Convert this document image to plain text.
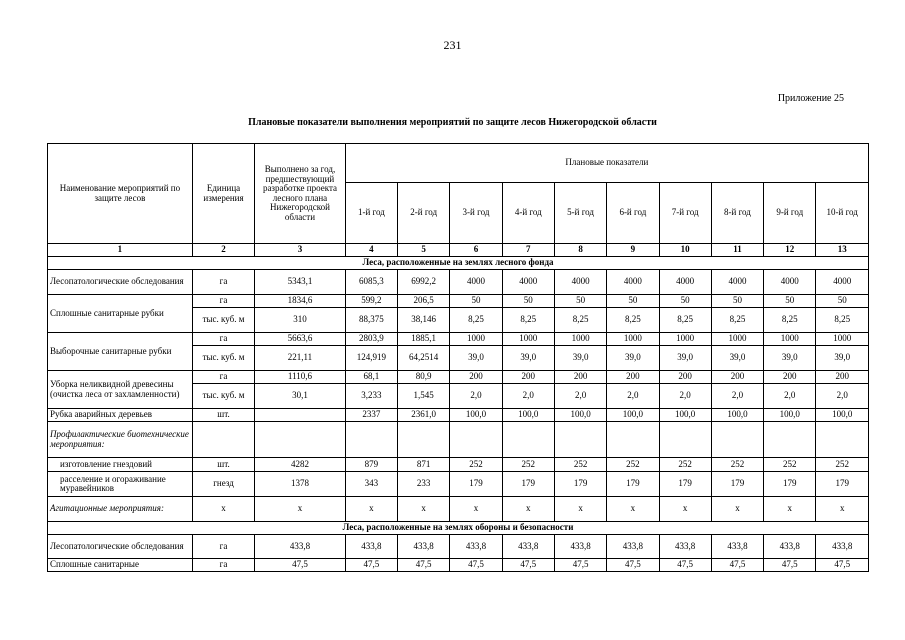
231
Приложение 25
Плановые показатели выполнения мероприятий по защите лесов Нижегородской области
Наименование мероприятий по защите лесов	Единица измерения	Выполнено за год, предшествующий разработке проекта лесного плана Нижегородской области	Плановые показатели									
			1-й год	2-й год	3-й год	4-й год	5-й год	6-й год	7-й год	8-й год	9-й год	10-й год
1	2	3	4	5	6	7	8	9	10	11	12	13
Леса, расположенные на землях лесного фонда												
Лесопатологические обследования	га	5343,1	6085,3	6992,2	4000	4000	4000	4000	4000	4000	4000	4000
Сплошные санитарные рубки	га	1834,6	599,2	206,5	50	50	50	50	50	50	50	50
	тыс. куб. м	310	88,375	38,146	8,25	8,25	8,25	8,25	8,25	8,25	8,25	8,25
Выборочные санитарные рубки	га	5663,6	2803,9	1885,1	1000	1000	1000	1000	1000	1000	1000	1000
	тыс. куб. м	221,11	124,919	64,2514	39,0	39,0	39,0	39,0	39,0	39,0	39,0	39,0
Уборка неликвидной древесины (очистка леса от захламленности)	га	1110,6	68,1	80,9	200	200	200	200	200	200	200	200
	тыс. куб. м	30,1	3,233	1,545	2,0	2,0	2,0	2,0	2,0	2,0	2,0	2,0
Рубка аварийных деревьев	шт.		2337	2361,0	100,0	100,0	100,0	100,0	100,0	100,0	100,0	100,0
Профилактические биотехнические мероприятия:												
изготовление гнездовий	шт.	4282	879	871	252	252	252	252	252	252	252	252
расселение и огораживание муравейников	гнезд	1378	343	233	179	179	179	179	179	179	179	179
Агитационные мероприятия:	x	x	x	x	x	x	x	x	x	x	x	x
Леса, расположенные на землях обороны и безопасности												
Лесопатологические обследования	га	433,8	433,8	433,8	433,8	433,8	433,8	433,8	433,8	433,8	433,8	433,8
Сплошные санитарные	га	47,5	47,5	47,5	47,5	47,5	47,5	47,5	47,5	47,5	47,5	47,5
